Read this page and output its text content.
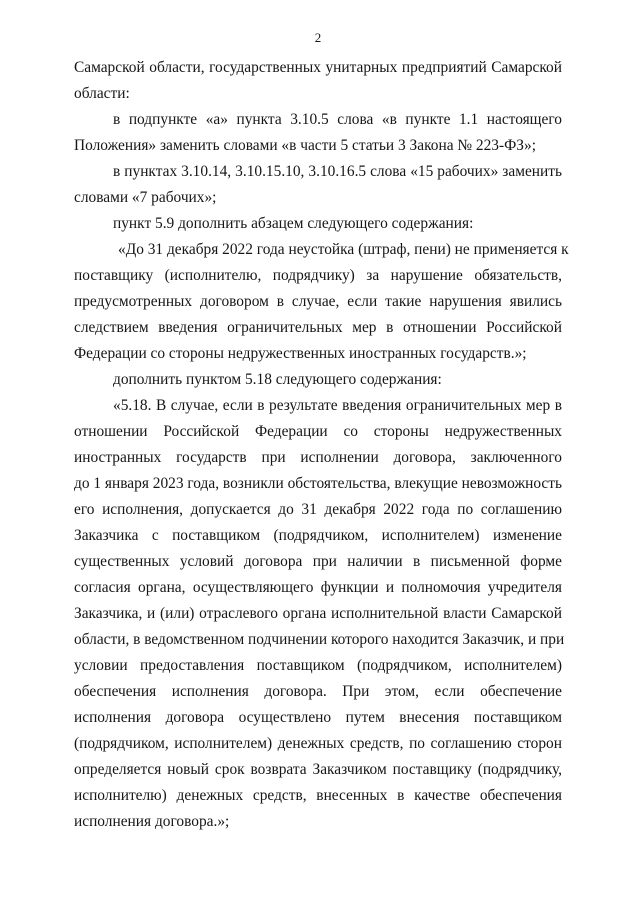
2
Самарской области, государственных унитарных предприятий Самарской
области:
в подпункте «а» пункта 3.10.5 слова «в пункте 1.1 настоящего
Положения» заменить словами «в части 5 статьи 3 Закона № 223-ФЗ»;
в пунктах 3.10.14, 3.10.15.10, 3.10.16.5 слова «15 рабочих» заменить
словами «7 рабочих»;
пункт 5.9 дополнить абзацем следующего содержания:
«До 31 декабря 2022 года неустойка (штраф, пени) не применяется к
поставщику (исполнителю, подрядчику) за нарушение обязательств,
предусмотренных договором в случае, если такие нарушения явились
следствием введения ограничительных мер в отношении Российской
Федерации со стороны недружественных иностранных государств.»;
дополнить пунктом 5.18 следующего содержания:
«5.18. В случае, если в результате введения ограничительных мер в
отношении Российской Федерации со стороны недружественных
иностранных государств при исполнении договора, заключенного
до 1 января 2023 года, возникли обстоятельства, влекущие невозможность
его исполнения, допускается до 31 декабря 2022 года по соглашению
Заказчика с поставщиком (подрядчиком, исполнителем) изменение
существенных условий договора при наличии в письменной форме
согласия органа, осуществляющего функции и полномочия учредителя
Заказчика, и (или) отраслевого органа исполнительной власти Самарской
области, в ведомственном подчинении которого находится Заказчик, и при
условии предоставления поставщиком (подрядчиком, исполнителем)
обеспечения исполнения договора. При этом, если обеспечение
исполнения договора осуществлено путем внесения поставщиком
(подрядчиком, исполнителем) денежных средств, по соглашению сторон
определяется новый срок возврата Заказчиком поставщику (подрядчику,
исполнителю) денежных средств, внесенных в качестве обеспечения
исполнения договора.»;
